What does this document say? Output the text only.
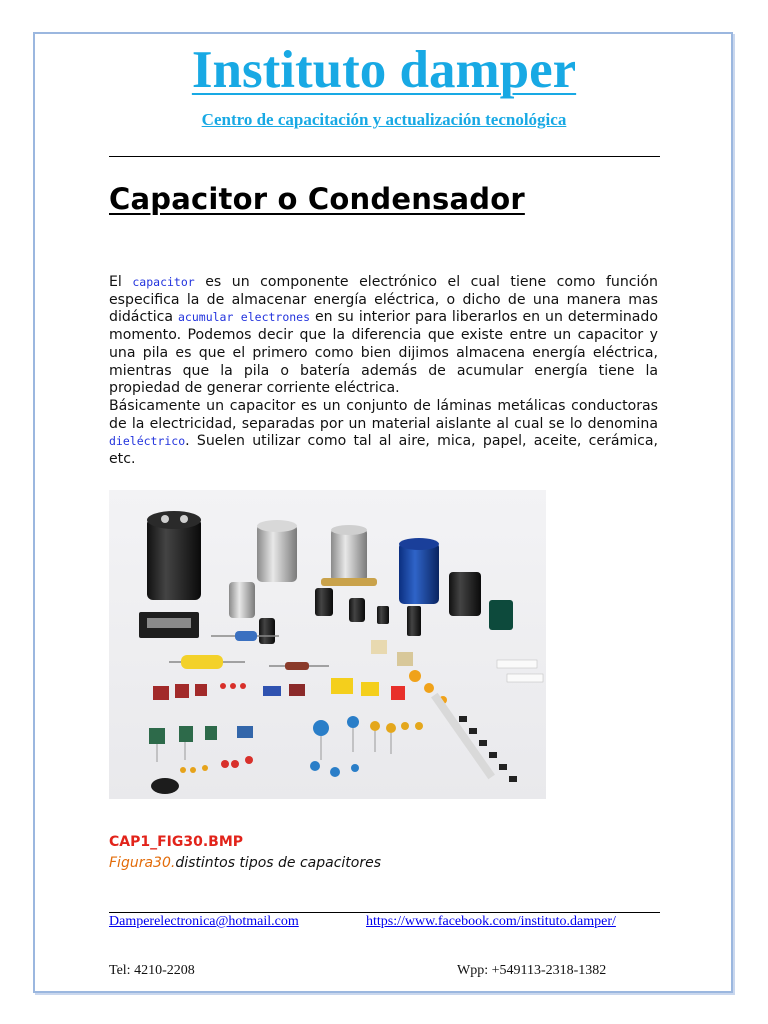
Instituto damper
Centro de capacitación y actualización tecnológica
Capacitor o Condensador

El capacitor es un componente electrónico el cual tiene como función especifica la de almacenar energía eléctrica, o dicho de una manera mas didáctica acumular electrones en su interior para liberarlos en un determinado momento. Podemos decir que la diferencia que existe entre un capacitor y una pila es que el primero como bien dijimos almacena energía eléctrica, mientras que la pila o batería además de acumular energía tiene la propiedad de generar corriente eléctrica.

Básicamente un capacitor es un conjunto de láminas metálicas conductoras de la electricidad, separadas por un material aislante al cual se lo denomina dieléctrico. Suelen utilizar como tal al aire, mica, papel, aceite, cerámica, etc.

CAP1_FIG30.BMP
Figura30.distintos tipos de capacitores
Damperelectronica@hotmail.com	https://www.facebook.com/instituto.damper/
Tel: 4210-2208	Wpp: +549113-2318-1382
